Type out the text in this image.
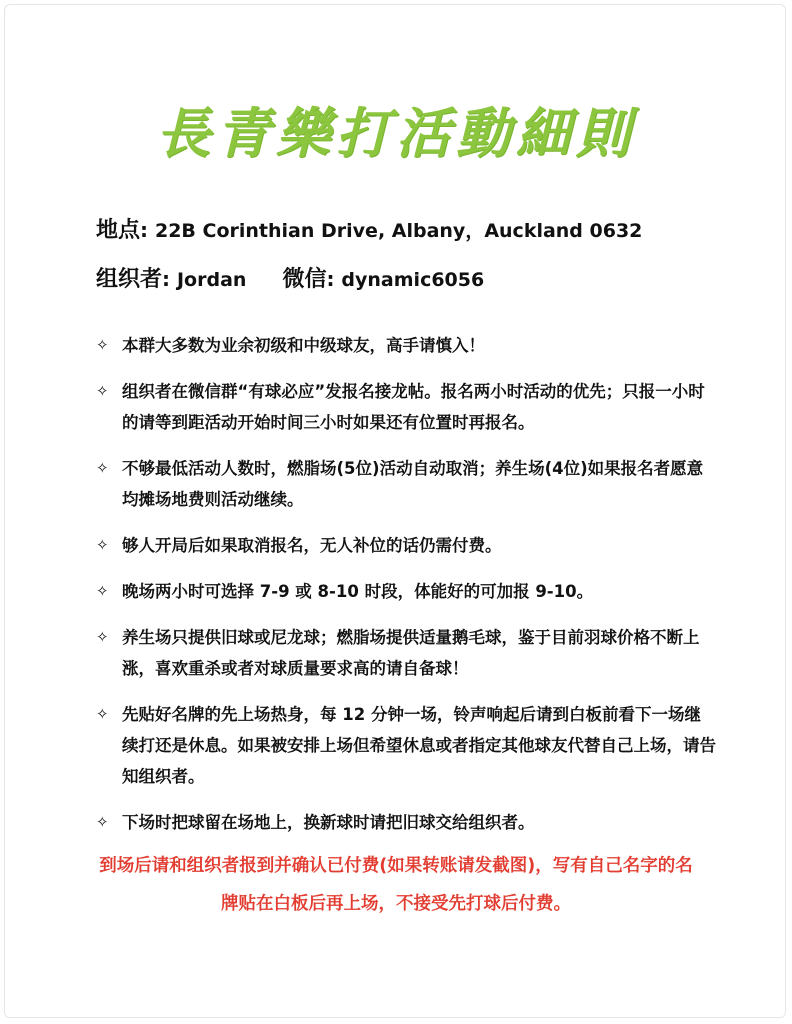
長青樂打活動細則
地点: 22B Corinthian Drive, Albany，Auckland 0632
组织者: Jordan 微信: dynamic6056
✧ 本群大多数为业余初级和中级球友，高手请慎入！
✧ 组织者在微信群“有球必应”发报名接龙帖。报名两小时活动的优先；只报一小时的请等到距活动开始时间三小时如果还有位置时再报名。
✧ 不够最低活动人数时，燃脂场(5位)活动自动取消；养生场(4位)如果报名者愿意均摊场地费则活动继续。
✧ 够人开局后如果取消报名，无人补位的话仍需付费。
✧ 晚场两小时可选择 7-9 或 8-10 时段，体能好的可加报 9-10。
✧ 养生场只提供旧球或尼龙球；燃脂场提供适量鹅毛球，鉴于目前羽球价格不断上涨，喜欢重杀或者对球质量要求高的请自备球！
✧ 先贴好名牌的先上场热身，每 12 分钟一场，铃声响起后请到白板前看下一场继续打还是休息。如果被安排上场但希望休息或者指定其他球友代替自己上场，请告知组织者。
✧ 下场时把球留在场地上，换新球时请把旧球交给组织者。
到场后请和组织者报到并确认已付费(如果转账请发截图)，写有自己名字的名牌贴在白板后再上场，不接受先打球后付费。
